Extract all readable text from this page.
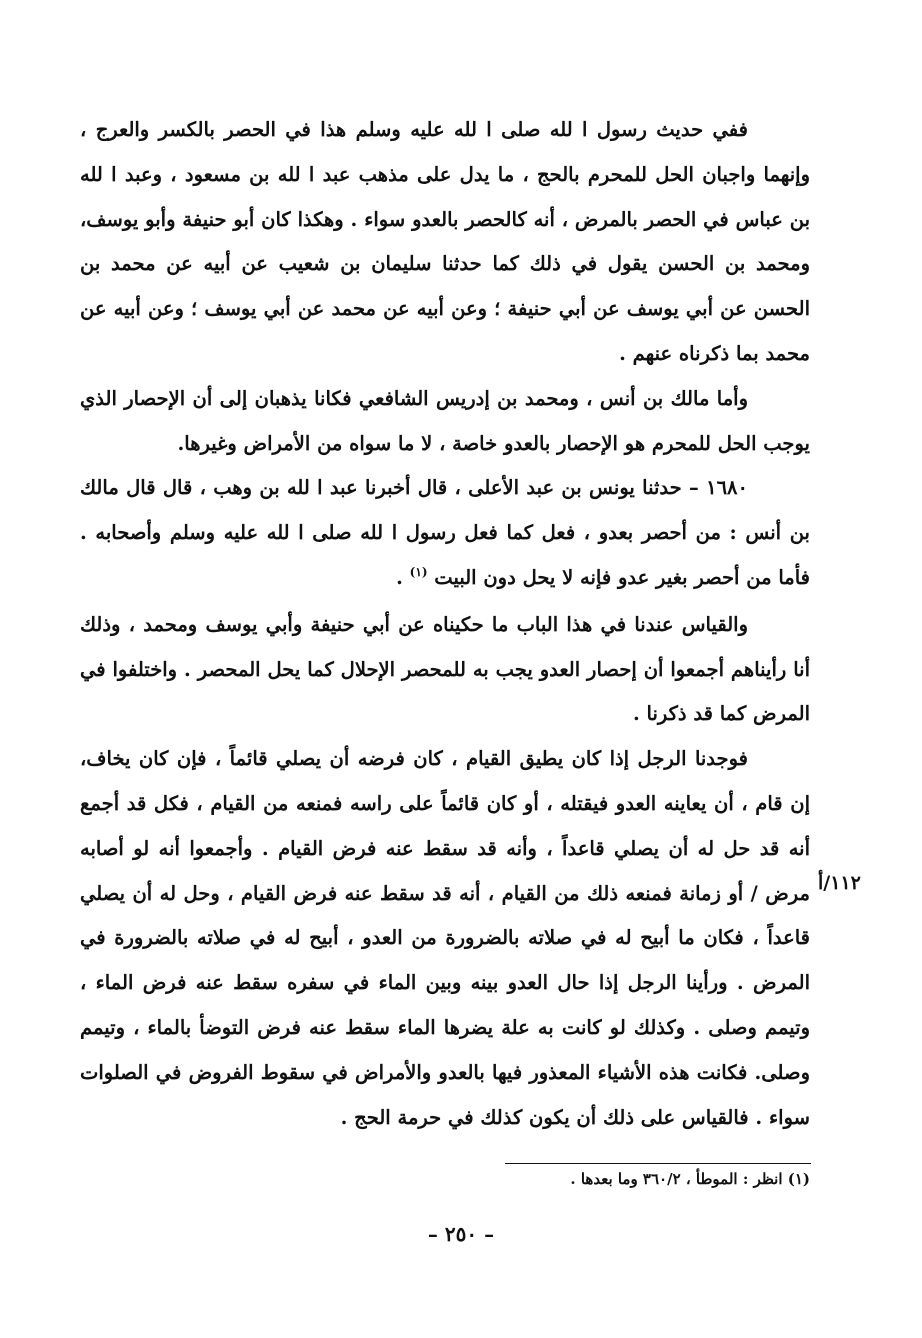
ففي حديث رسول ا لله صلى ا لله عليه وسلم هذا في الحصر بالكسر والعرج ، وإنهما واجبان الحل للمحرم بالحج ، ما يدل على مذهب عبد ا لله بن مسعود ، وعبد ا لله بن عباس في الحصر بالمرض ، أنه كالحصر بالعدو سواء . وهكذا كان أبو حنيفة وأبو يوسف، ومحمد بن الحسن يقول في ذلك كما حدثنا سليمان بن شعيب عن أبيه عن محمد بن الحسن عن أبي يوسف عن أبي حنيفة ؛ وعن أبيه عن محمد عن أبي يوسف ؛ وعن أبيه عن محمد بما ذكرناه عنهم .

وأما مالك بن أنس ، ومحمد بن إدريس الشافعي فكانا يذهبان إلى أن الإحصار الذي يوجب الحل للمحرم هو الإحصار بالعدو خاصة ، لا ما سواه من الأمراض وغيرها.

١٦٨٠ – حدثنا يونس بن عبد الأعلى ، قال أخبرنا عبد ا لله بن وهب ، قال قال مالك بن أنس : من أحصر بعدو ، فعل كما فعل رسول ا لله صلى ا لله عليه وسلم وأصحابه . فأما من أحصر بغير عدو فإنه لا يحل دون البيت $^{(١)}$ .

والقياس عندنا في هذا الباب ما حكيناه عن أبي حنيفة وأبي يوسف ومحمد ، وذلك أنا رأيناهم أجمعوا أن إحصار العدو يجب به للمحصر الإحلال كما يحل المحصر . واختلفوا في المرض كما قد ذكرنا .

فوجدنا الرجل إذا كان يطيق القيام ، كان فرضه أن يصلي قائماً ، فإن كان يخاف، إن قام ، أن يعاينه العدو فيقتله ، أو كان قائماً على راسه فمنعه من القيام ، فكل قد أجمع أنه قد حل له أن يصلي قاعداً ، وأنه قد سقط عنه فرض القيام . وأجمعوا أنه لو أصابه مرض / أو زمانة فمنعه ذلك من القيام ، أنه قد سقط عنه فرض القيام ، وحل له أن يصلي قاعداً ، فكان ما أبيح له في صلاته بالضرورة من العدو ، أبيح له في صلاته بالضرورة في المرض . ورأينا الرجل إذا حال العدو بينه وبين الماء في سفره سقط عنه فرض الماء ، وتيمم وصلى . وكذلك لو كانت به علة يضرها الماء سقط عنه فرض التوضأ بالماء ، وتيمم وصلى. فكانت هذه الأشياء المعذور فيها بالعدو والأمراض في سقوط الفروض في الصلوات سواء . فالقياس على ذلك أن يكون كذلك في حرمة الحج .

١١٢/أ
(١) انظر : الموطأ ، ٣٦٠/٢ وما بعدها .
– ٢٥٠ –
